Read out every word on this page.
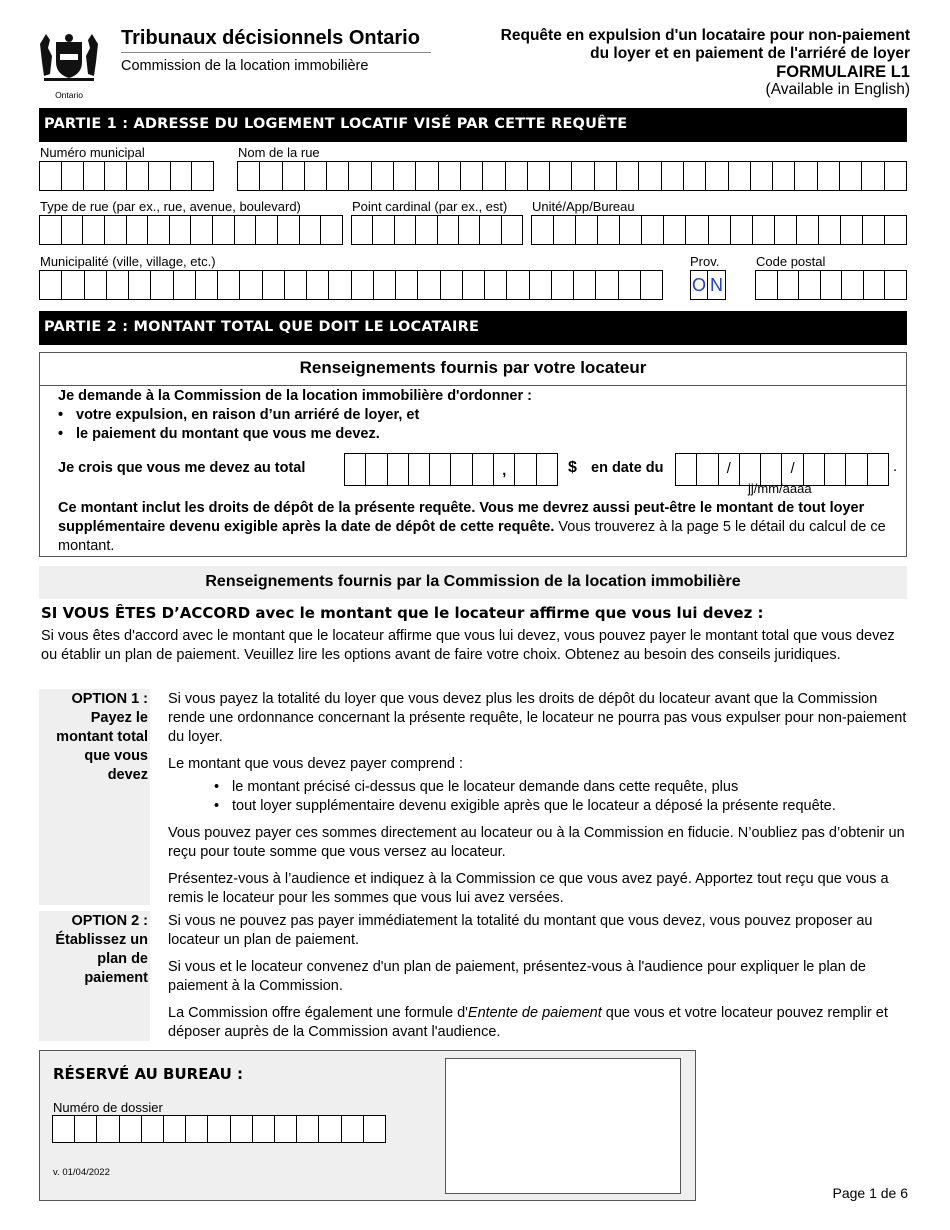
Ontario
Tribunaux décisionnels Ontario
Commission de la location immobilière
Requête en expulsion d'un locataire pour non-paiement
du loyer et en paiement de l'arriéré de loyer
FORMULAIRE L1
(Available in English)
PARTIE 1 : ADRESSE DU LOGEMENT LOCATIF VISÉ PAR CETTE REQUÊTE
Numéro municipal	Nom de la rue
Type de rue (par ex., rue, avenue, boulevard)	Point cardinal (par ex., est) Unité/App/Bureau
Municipalité (ville, village, etc.)	Prov.	Code postal
O N
PARTIE 2 : MONTANT TOTAL QUE DOIT LE LOCATAIRE
Renseignements fournis par votre locateur
Je demande à la Commission de la location immobilière d'ordonner :
• votre expulsion, en raison d’un arriéré de loyer, et
• le paiement du montant que vous me devez.
Je crois que vous me devez au total	,	$ en date du	/	/	.
jj/mm/aaaa
Ce montant inclut les droits de dépôt de la présente requête. Vous me devrez aussi peut-être le montant de tout loyer supplémentaire devenu exigible après la date de dépôt de cette requête. Vous trouverez à la page 5 le détail du calcul de ce montant.
Renseignements fournis par la Commission de la location immobilière
SI VOUS ÊTES D’ACCORD avec le montant que le locateur affirme que vous lui devez :
Si vous êtes d'accord avec le montant que le locateur affirme que vous lui devez, vous pouvez payer le montant total que vous devez ou établir un plan de paiement. Veuillez lire les options avant de faire votre choix. Obtenez au besoin des conseils juridiques.
OPTION 1 :
Payez le
montant total
que vous
devez

Si vous payez la totalité du loyer que vous devez plus les droits de dépôt du locateur avant que la Commission rende une ordonnance concernant la présente requête, le locateur ne pourra pas vous expulser pour non-paiement du loyer.

Le montant que vous devez payer comprend :

• le montant précisé ci-dessus que le locateur demande dans cette requête, plus
• tout loyer supplémentaire devenu exigible après que le locateur a déposé la présente requête.

Vous pouvez payer ces sommes directement au locateur ou à la Commission en fiducie. N’oubliez pas d’obtenir un reçu pour toute somme que vous versez au locateur.

Présentez-vous à l’audience et indiquez à la Commission ce que vous avez payé. Apportez tout reçu que vous a remis le locateur pour les sommes que vous lui avez versées.

OPTION 2 :
Établissez un
plan de
paiement

Si vous ne pouvez pas payer immédiatement la totalité du montant que vous devez, vous pouvez proposer au locateur un plan de paiement.

Si vous et le locateur convenez d'un plan de paiement, présentez-vous à l'audience pour expliquer le plan de paiement à la Commission.

La Commission offre également une formule d'Entente de paiement que vous et votre locateur pouvez remplir et déposer auprès de la Commission avant l'audience.

RÉSERVÉ AU BUREAU :
Numéro de dossier
v. 01/04/2022
Page 1 de 6
